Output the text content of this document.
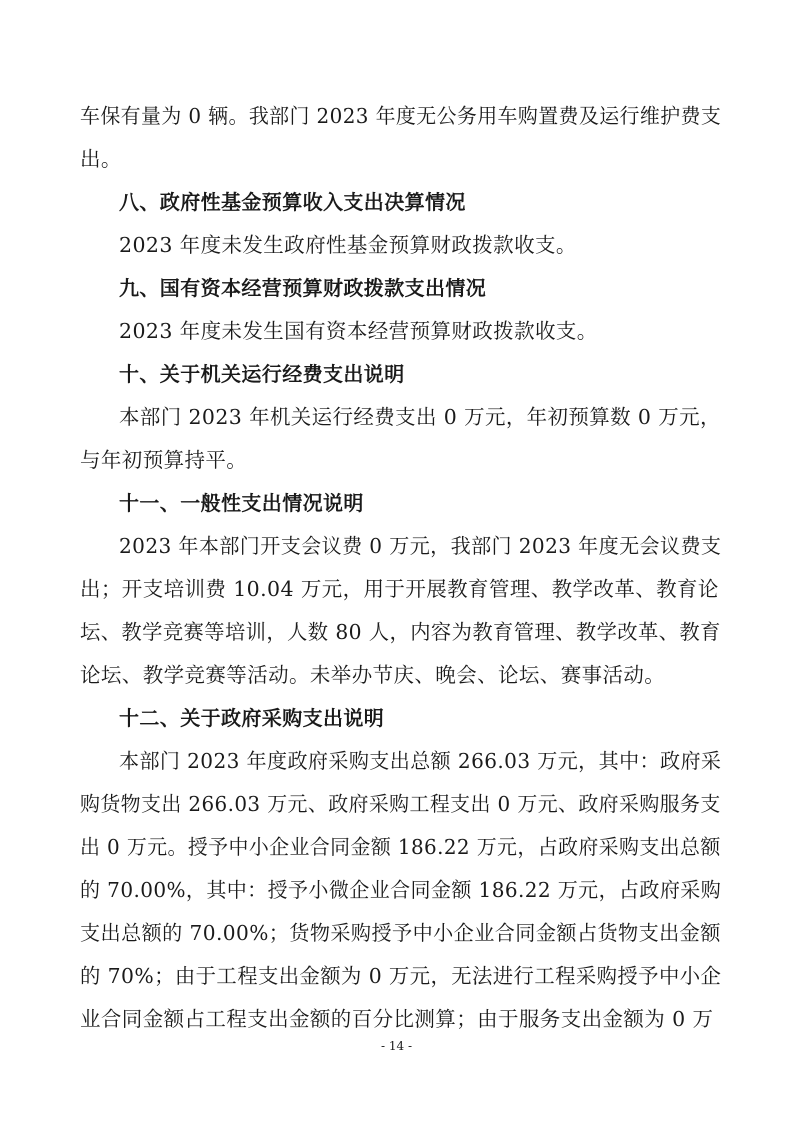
车保有量为 0 辆。我部门 2023 年度无公务用车购置费及运行维护费支
出。
八、政府性基金预算收入支出决算情况
2023 年度未发生政府性基金预算财政拨款收支。
九、国有资本经营预算财政拨款支出情况
2023 年度未发生国有资本经营预算财政拨款收支。
十、关于机关运行经费支出说明
本部门 2023 年机关运行经费支出 0 万元，年初预算数 0 万元，
与年初预算持平。
十一、一般性支出情况说明
2023 年本部门开支会议费 0 万元，我部门 2023 年度无会议费支
出；开支培训费 10.04 万元，用于开展教育管理、教学改革、教育论
坛、教学竞赛等培训，人数 80 人，内容为教育管理、教学改革、教育
论坛、教学竞赛等活动。未举办节庆、晚会、论坛、赛事活动。
十二、关于政府采购支出说明
本部门 2023 年度政府采购支出总额 266.03 万元，其中：政府采
购货物支出 266.03 万元、政府采购工程支出 0 万元、政府采购服务支
出 0 万元。授予中小企业合同金额 186.22 万元，占政府采购支出总额
的 70.00%，其中：授予小微企业合同金额 186.22 万元，占政府采购
支出总额的 70.00%；货物采购授予中小企业合同金额占货物支出金额
的 70%；由于工程支出金额为 0 万元，无法进行工程采购授予中小企
业合同金额占工程支出金额的百分比测算；由于服务支出金额为 0 万
- 14 -
